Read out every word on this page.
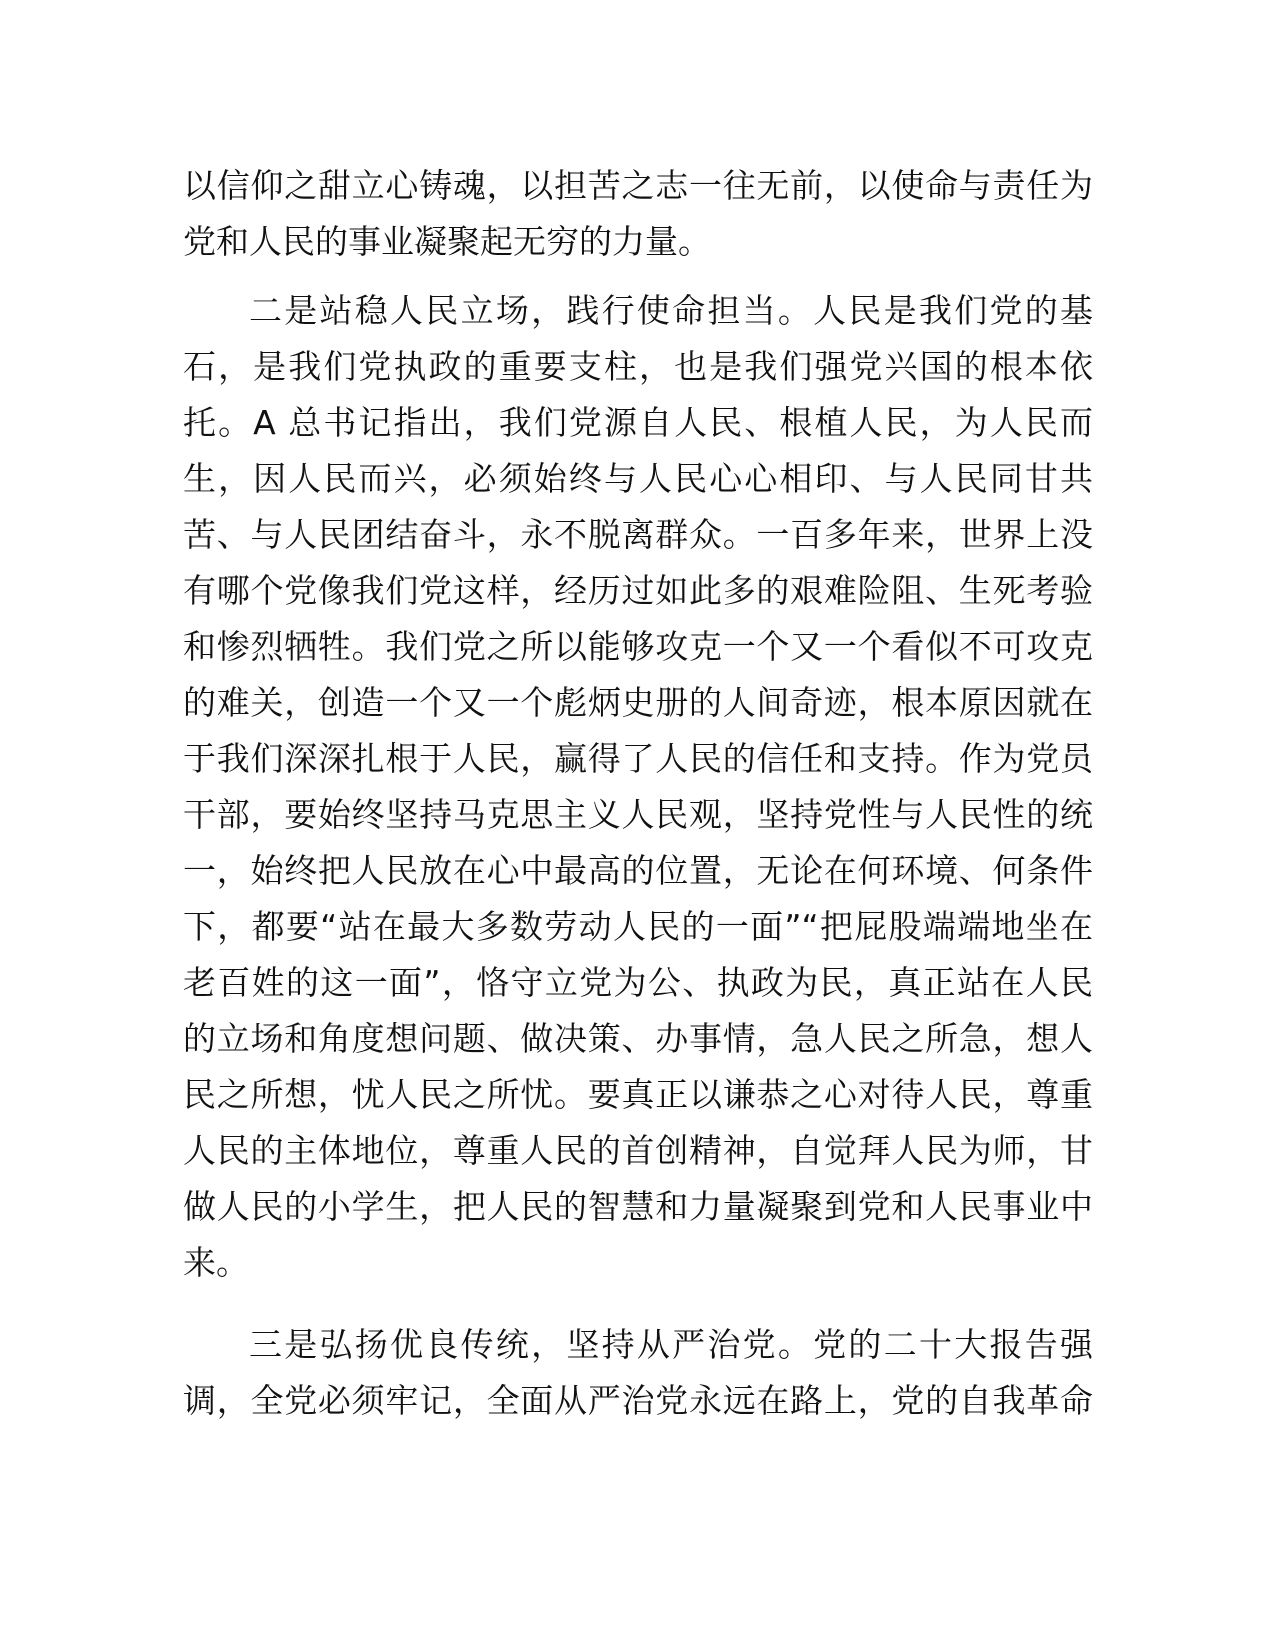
以信仰之甜立心铸魂，以担苦之志一往无前，以使命与责任为
党和人民的事业凝聚起无穷的力量。
二是站稳人民立场，践行使命担当。人民是我们党的基
石，是我们党执政的重要支柱，也是我们强党兴国的根本依
托。A 总书记指出，我们党源自人民、根植人民，为人民而
生，因人民而兴，必须始终与人民心心相印、与人民同甘共
苦、与人民团结奋斗，永不脱离群众。一百多年来，世界上没
有哪个党像我们党这样，经历过如此多的艰难险阻、生死考验
和惨烈牺牲。我们党之所以能够攻克一个又一个看似不可攻克
的难关，创造一个又一个彪炳史册的人间奇迹，根本原因就在
于我们深深扎根于人民，赢得了人民的信任和支持。作为党员
干部，要始终坚持马克思主义人民观，坚持党性与人民性的统
一，始终把人民放在心中最高的位置，无论在何环境、何条件
下，都要“站在最大多数劳动人民的一面”“把屁股端端地坐在
老百姓的这一面”，恪守立党为公、执政为民，真正站在人民
的立场和角度想问题、做决策、办事情，急人民之所急，想人
民之所想，忧人民之所忧。要真正以谦恭之心对待人民，尊重
人民的主体地位，尊重人民的首创精神，自觉拜人民为师，甘
做人民的小学生，把人民的智慧和力量凝聚到党和人民事业中
来。
三是弘扬优良传统，坚持从严治党。党的二十大报告强
调，全党必须牢记，全面从严治党永远在路上，党的自我革命
